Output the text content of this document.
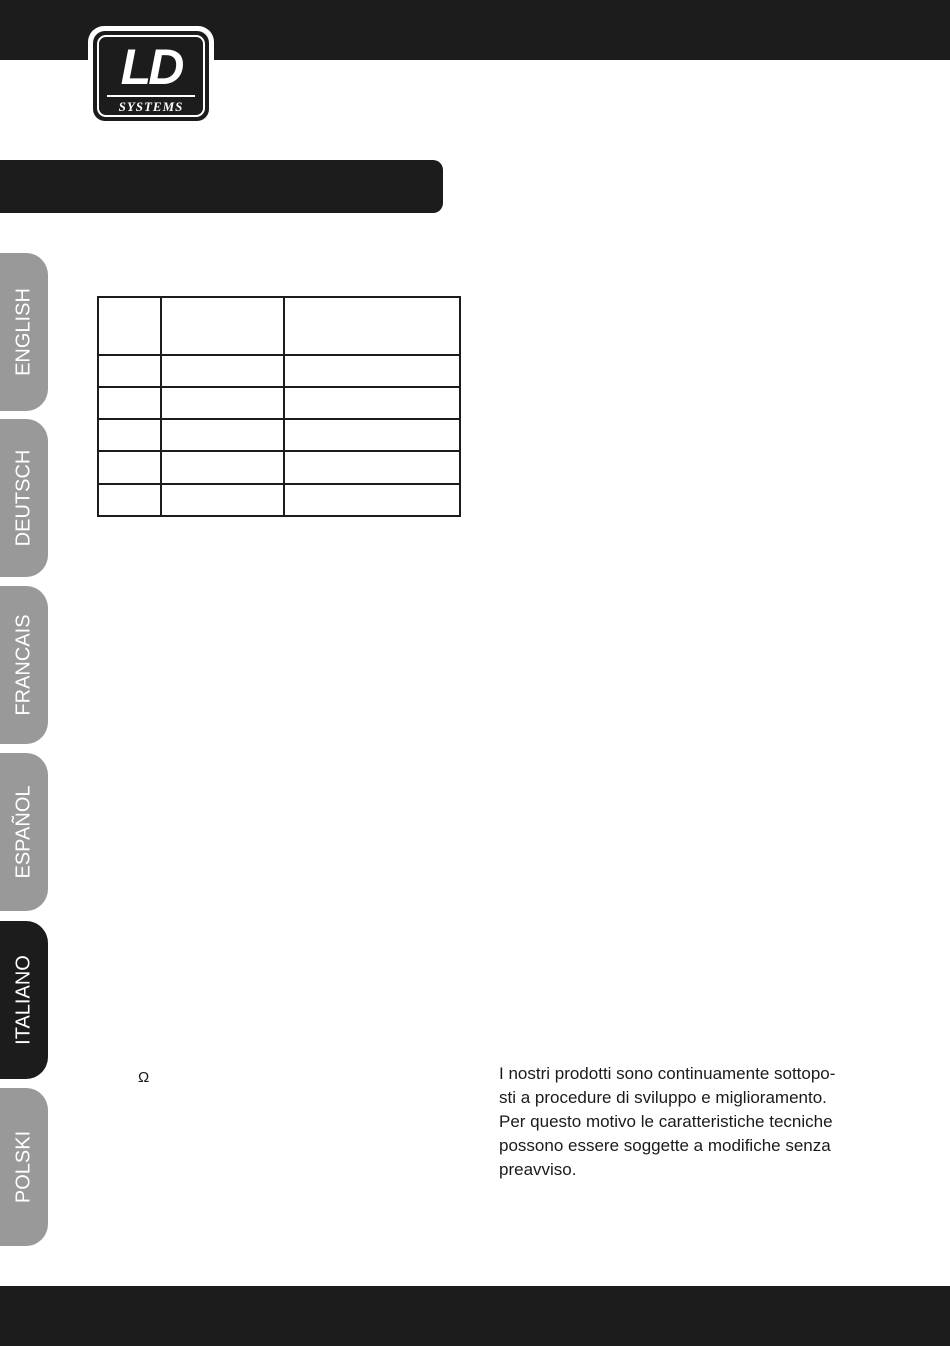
LD
SYSTEMS
ENGLISH
DEUTSCH
FRANCAIS
ESPAÑOL
ITALIANO
POLSKI

Ω	I nostri prodotti sono continuamente sottopo-
sti a procedure di sviluppo e miglioramento.
Per questo motivo le caratteristiche tecniche
possono essere soggette a modifiche senza
preavviso.
